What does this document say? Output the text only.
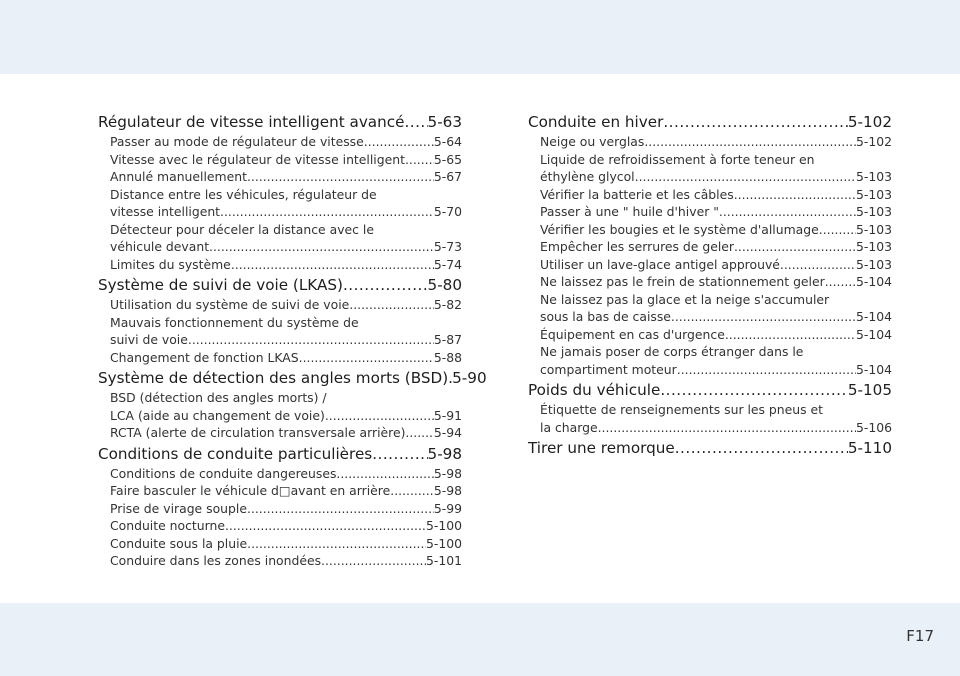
Régulateur de vitesse intelligent avancé ..... 5-63
Passer au mode de régulateur de vitesse .....	5-64
Vitesse avec le régulateur de vitesse intelligent ..... 5-65
Annulé manuellement .....	5-67
Distance entre les véhicules, régulateur de
vitesse intelligent .....	5-70
Détecteur pour déceler la distance avec le
véhicule devant .....	5-73
Limites du système .....	5-74
Système de suivi de voie (LKAS) .....	5-80
Utilisation du système de suivi de voie .....	5-82
Mauvais fonctionnement du système de
suivi de voie .....	5-87
Changement de fonction LKAS .....	5-88
Système de détection des angles morts (BSD) ..... 5-90
BSD (détection des angles morts) /
LCA (aide au changement de voie) .....	5-91
RCTA (alerte de circulation transversale arrière) ..... 5-94
Conditions de conduite particulières .....	5-98
Conditions de conduite dangereuses .....	5-98
Faire basculer le véhicule d□avant en arrière .....	5-98
Prise de virage souple .....	5-99
Conduite nocturne .....	5-100
Conduite sous la pluie .....	5-100
Conduire dans les zones inondées .....	5-101
Conduite en hiver .....	5-102
Neige ou verglas .....	5-102
Liquide de refroidissement à forte teneur en
éthylène glycol .....	5-103
Vérifier la batterie et les câbles .....	5-103
Passer à une " huile d'hiver " .....	5-103
Vérifier les bougies et le système d'allumage .....	5-103
Empêcher les serrures de geler .....	5-103
Utiliser un lave-glace antigel approuvé .....	5-103
Ne laissez pas le frein de stationnement geler .....	5-104
Ne laissez pas la glace et la neige s'accumuler
sous la bas de caisse .....	5-104
Équipement en cas d'urgence .....	5-104
Ne jamais poser de corps étranger dans le
compartiment moteur .....	5-104
Poids du véhicule .....	5-105
Étiquette de renseignements sur les pneus et
la charge .....	5-106
Tirer une remorque .....	5-110
F17
